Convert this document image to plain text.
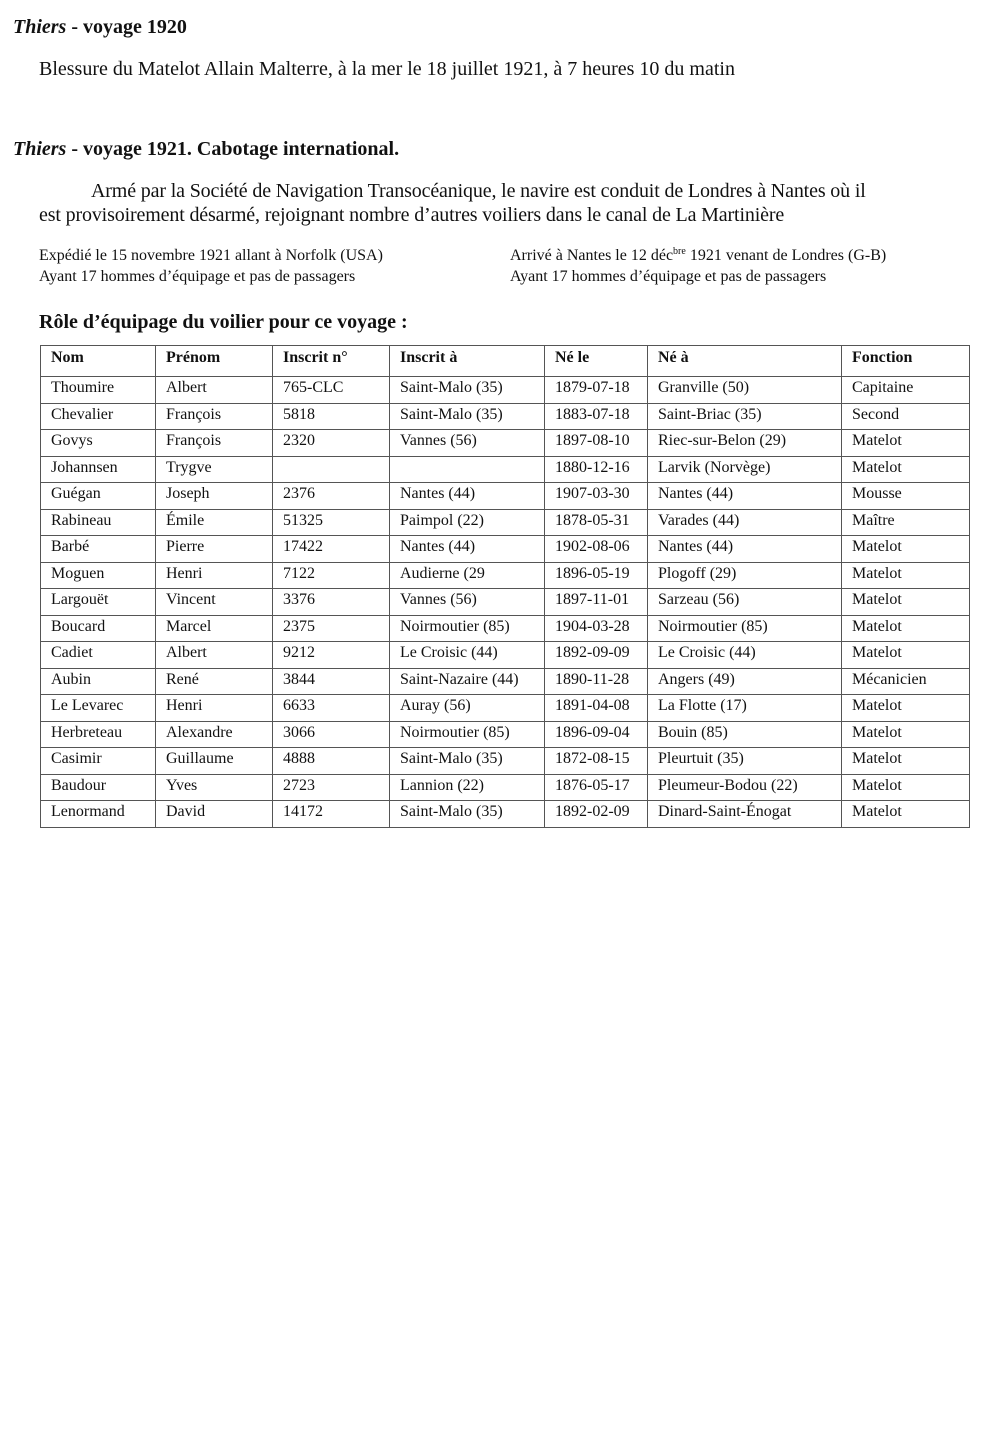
Thiers - voyage 1920
Blessure du Matelot Allain Malterre, à la mer le 18 juillet 1921, à 7 heures 10 du matin
Thiers - voyage 1921. Cabotage international.
Armé par la Société de Navigation Transocéanique, le navire est conduit de Londres à Nantes où il
est provisoirement désarmé, rejoignant nombre d’autres voiliers dans le canal de La Martinière
Expédié le 15 novembre 1921 allant à Norfolk (USA)
Ayant 17 hommes d’équipage et pas de passagers
Arrivé à Nantes le 12 déc$^{bre}$ 1921 venant de Londres (G-B)
Ayant 17 hommes d’équipage et pas de passagers
Rôle d’équipage du voilier pour ce voyage :
Nom	Prénom	Inscrit n°	Inscrit à	Né le	Né à	Fonction
Thoumire	Albert	765-CLC	Saint-Malo (35)	1879-07-18	Granville (50)	Capitaine
Chevalier	François	5818	Saint-Malo (35)	1883-07-18	Saint-Briac (35)	Second
Govys	François	2320	Vannes (56)	1897-08-10	Riec-sur-Belon (29)	Matelot
Johannsen	Trygve			1880-12-16	Larvik (Norvège)	Matelot
Guégan	Joseph	2376	Nantes (44)	1907-03-30	Nantes (44)	Mousse
Rabineau	Émile	51325	Paimpol (22)	1878-05-31	Varades (44)	Maître
Barbé	Pierre	17422	Nantes (44)	1902-08-06	Nantes (44)	Matelot
Moguen	Henri	7122	Audierne (29	1896-05-19	Plogoff (29)	Matelot
Largouët	Vincent	3376	Vannes (56)	1897-11-01	Sarzeau (56)	Matelot
Boucard	Marcel	2375	Noirmoutier (85)	1904-03-28	Noirmoutier (85)	Matelot
Cadiet	Albert	9212	Le Croisic (44)	1892-09-09	Le Croisic (44)	Matelot
Aubin	René	3844	Saint-Nazaire (44)	1890-11-28	Angers (49)	Mécanicien
Le Levarec	Henri	6633	Auray (56)	1891-04-08	La Flotte (17)	Matelot
Herbreteau	Alexandre	3066	Noirmoutier (85)	1896-09-04	Bouin (85)	Matelot
Casimir	Guillaume	4888	Saint-Malo (35)	1872-08-15	Pleurtuit (35)	Matelot
Baudour	Yves	2723	Lannion (22)	1876-05-17	Pleumeur-Bodou (22)	Matelot
Lenormand	David	14172	Saint-Malo (35)	1892-02-09	Dinard-Saint-Énogat	Matelot
